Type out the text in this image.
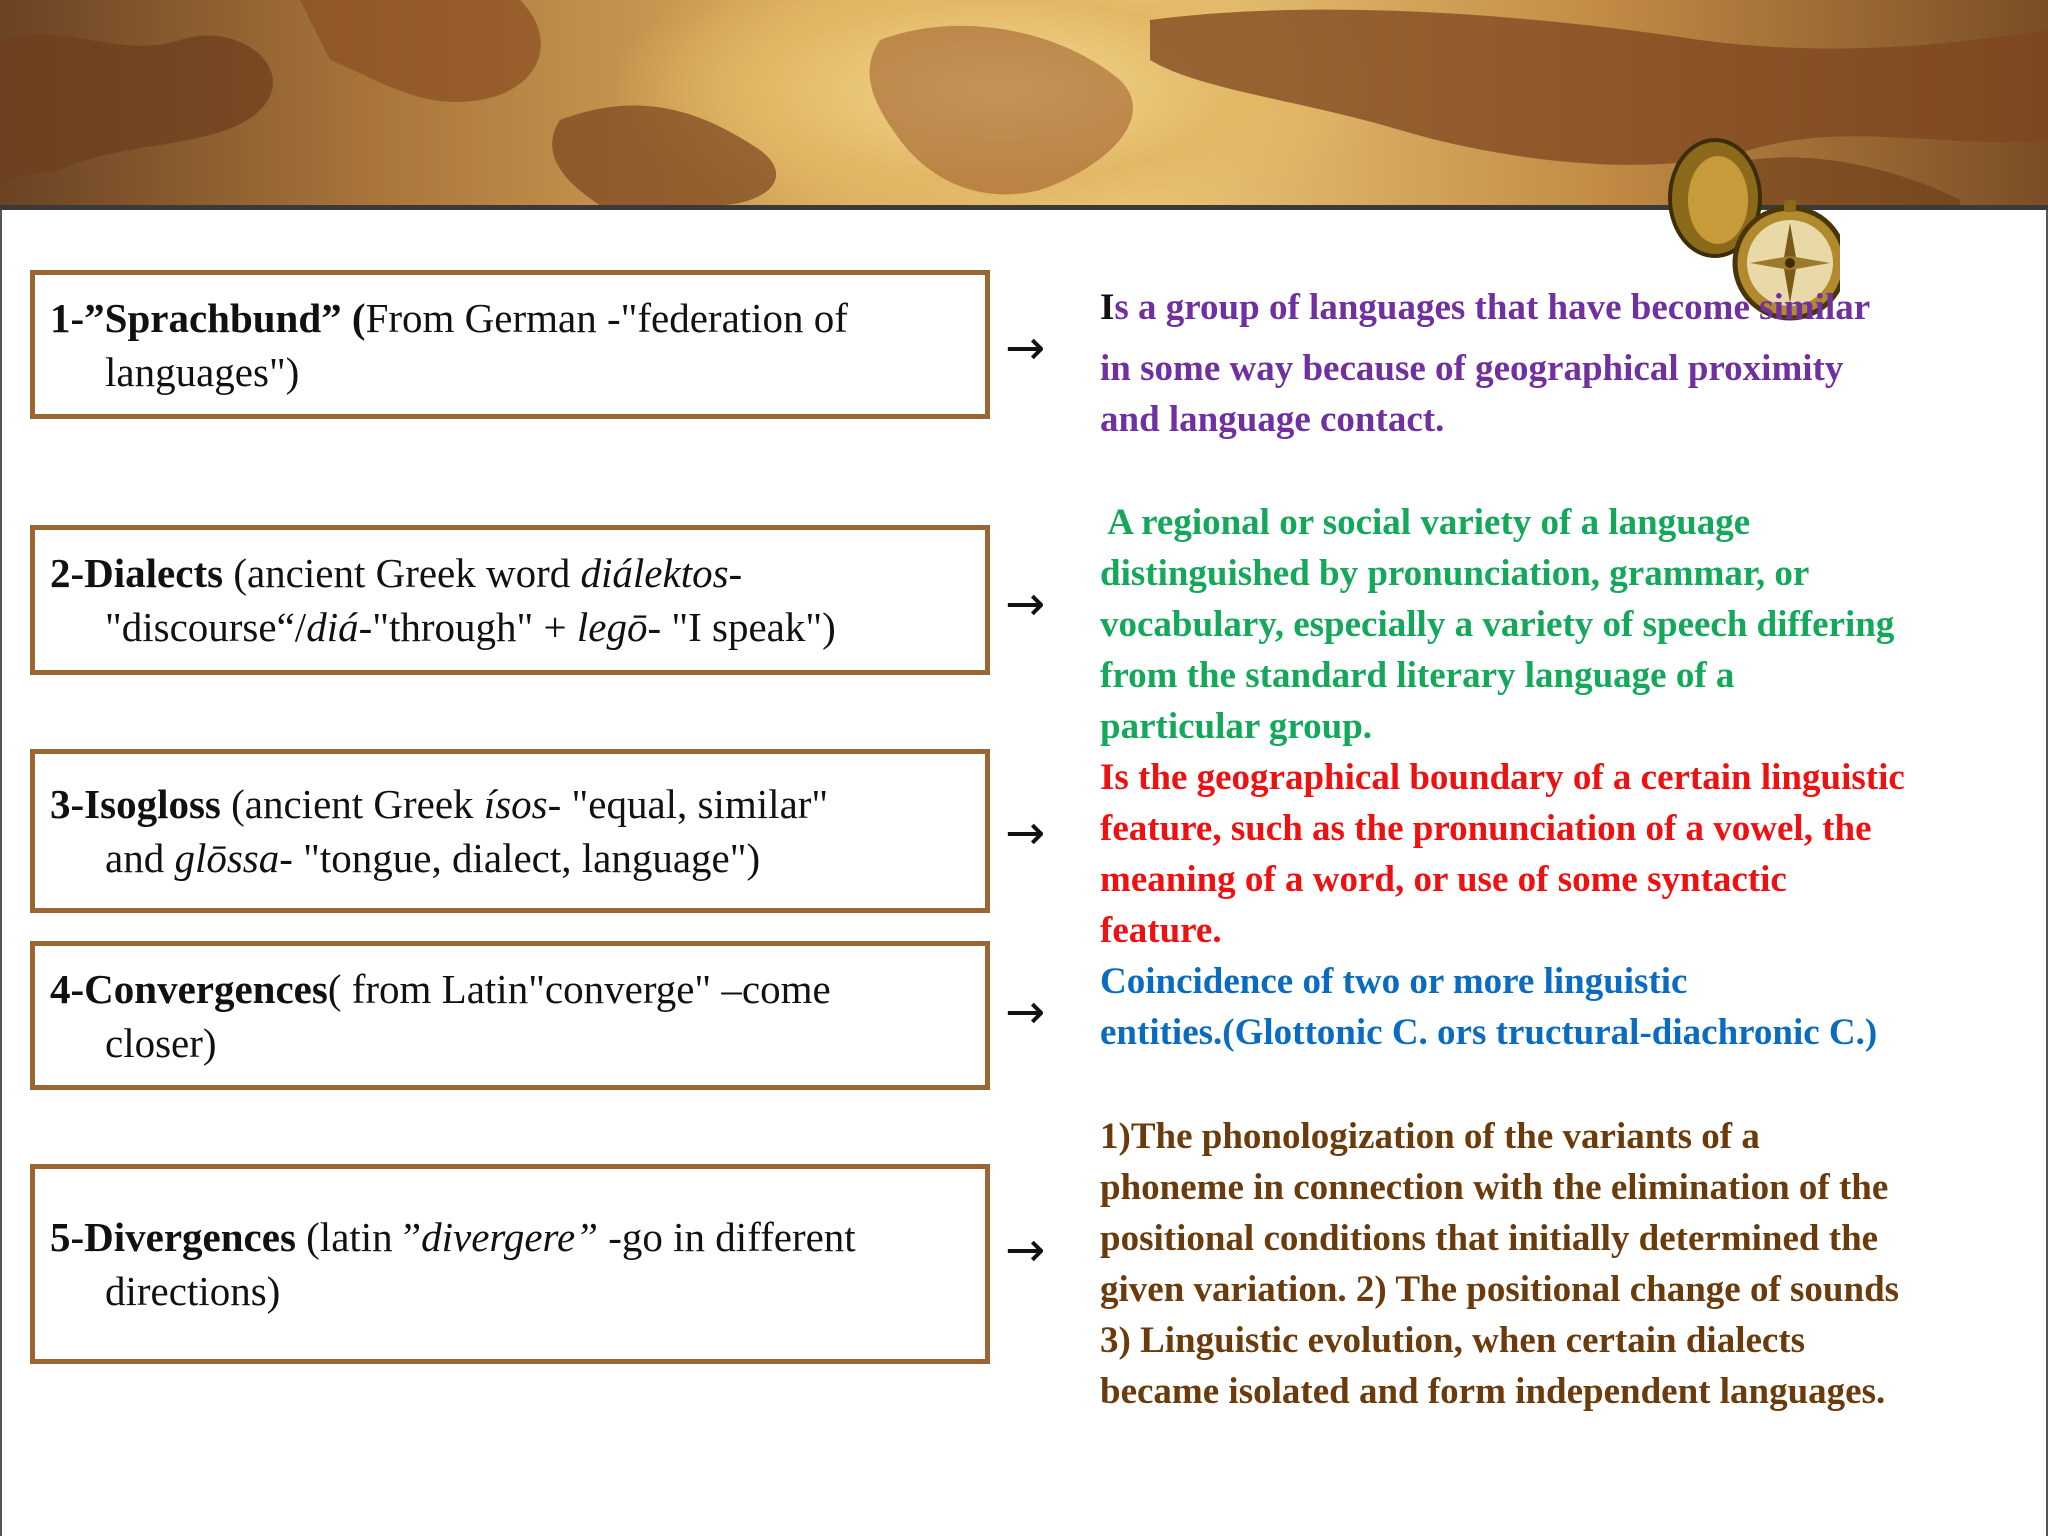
1-”Sprachbund” (From German -"federation of
languages")	→
Is a group of languages that have become similar
in some way because of geographical proximity
and language contact.
2-Dialects (ancient Greek word diálektos-
"discourse“/diá-"through" + legō- "I speak")	→
A regional or social variety of a language
distinguished by pronunciation, grammar, or
vocabulary, especially a variety of speech differing
from the standard literary language of a
particular group.
3-Isogloss (ancient Greek ísos- "equal, similar"
and glōssa- "tongue, dialect, language")	→
Is the geographical boundary of a certain linguistic
feature, such as the pronunciation of a vowel, the
meaning of a word, or use of some syntactic
feature.
4-Convergences( from Latin"converge" –come
closer)
→
Coincidence of two or more linguistic
entities.(Glottonic C. ors tructural-diachronic C.)
5-Divergences (latin ”divergere” -go in different
directions)
→
1)The phonologization of the variants of a
phoneme in connection with the elimination of the
positional conditions that initially determined the
given variation. 2) The positional change of sounds
3) Linguistic evolution, when certain dialects
became isolated and form independent languages.
